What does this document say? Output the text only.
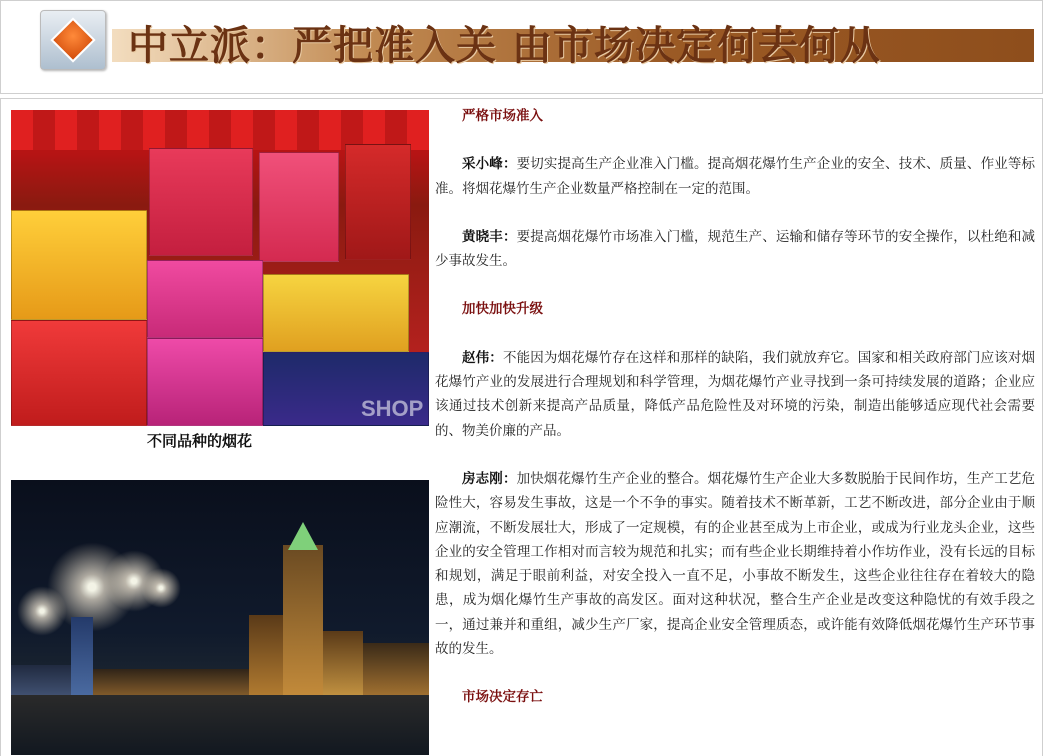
中立派：严把准入关 由市场决定何去何从
SHOP
不同品种的烟花

严格市场准入

采小峰：要切实提高生产企业准入门槛。提高烟花爆竹生产企业的安全、技术、质量、作业等标准。将烟花爆竹生产企业数量严格控制在一定的范围。

黄晓丰：要提高烟花爆竹市场准入门槛，规范生产、运输和储存等环节的安全操作，以杜绝和减少事故发生。

加快加快升级

赵伟：不能因为烟花爆竹存在这样和那样的缺陷，我们就放弃它。国家和相关政府部门应该对烟花爆竹产业的发展进行合理规划和科学管理，为烟花爆竹产业寻找到一条可持续发展的道路；企业应该通过技术创新来提高产品质量，降低产品危险性及对环境的污染，制造出能够适应现代社会需要的、物美价廉的产品。

房志刚：加快烟花爆竹生产企业的整合。烟花爆竹生产企业大多数脱胎于民间作坊，生产工艺危险性大，容易发生事故，这是一个不争的事实。随着技术不断革新，工艺不断改进，部分企业由于顺应潮流，不断发展壮大，形成了一定规模，有的企业甚至成为上市企业，或成为行业龙头企业，这些企业的安全管理工作相对而言较为规范和扎实；而有些企业长期维持着小作坊作业，没有长远的目标和规划，满足于眼前利益，对安全投入一直不足，小事故不断发生，这些企业往往存在着较大的隐患，成为烟化爆竹生产事故的高发区。面对这种状况，整合生产企业是改变这种隐忧的有效手段之一，通过兼并和重组，减少生产厂家，提高企业安全管理质态，或许能有效降低烟花爆竹生产环节事故的发生。

市场决定存亡
